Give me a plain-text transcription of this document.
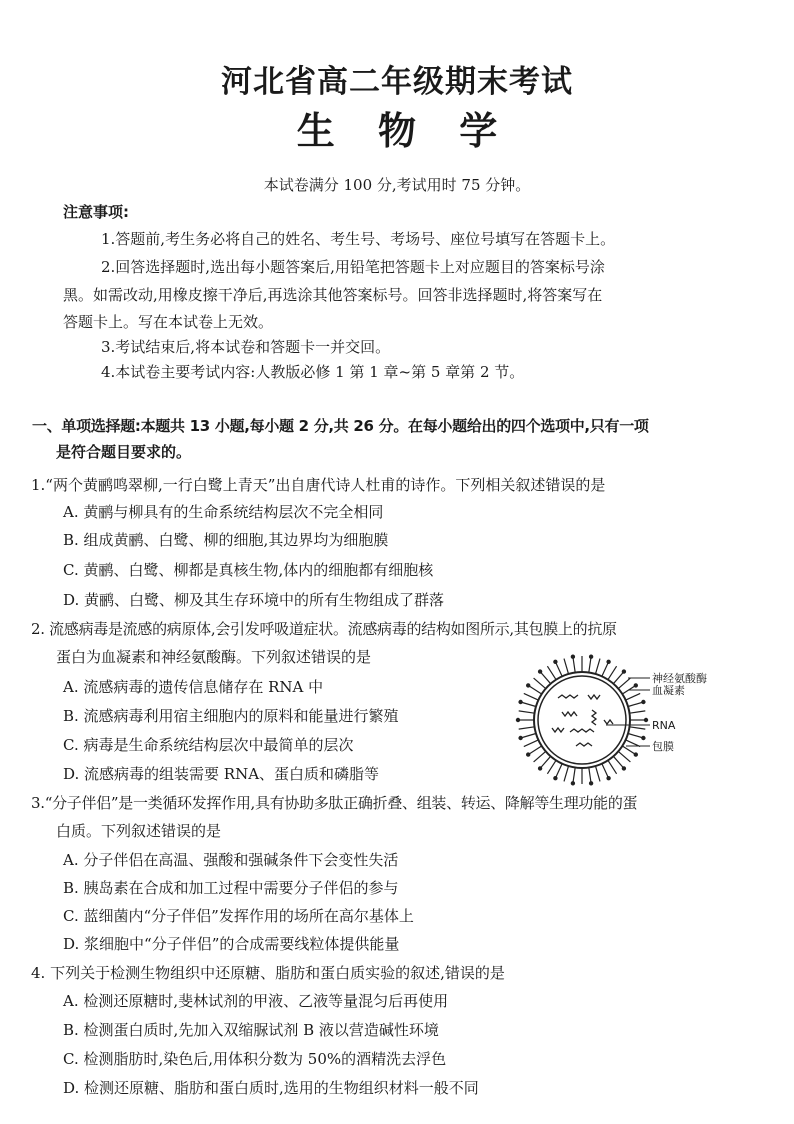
河北省高二年级期末考试
生 物 学
本试卷满分 100 分,考试用时 75 分钟。
注意事项:
1.答题前,考生务必将自己的姓名、考生号、考场号、座位号填写在答题卡上。
2.回答选择题时,选出每小题答案后,用铅笔把答题卡上对应题目的答案标号涂
黑。如需改动,用橡皮擦干净后,再选涂其他答案标号。回答非选择题时,将答案写在
答题卡上。写在本试卷上无效。
3.考试结束后,将本试卷和答题卡一并交回。
4.本试卷主要考试内容:人教版必修 1 第 1 章~第 5 章第 2 节。
一、单项选择题:本题共 13 小题,每小题 2 分,共 26 分。在每小题给出的四个选项中,只有一项
是符合题目要求的。
1.“两个黄鹂鸣翠柳,一行白鹭上青天”出自唐代诗人杜甫的诗作。下列相关叙述错误的是
A. 黄鹂与柳具有的生命系统结构层次不完全相同
B. 组成黄鹂、白鹭、柳的细胞,其边界均为细胞膜
C. 黄鹂、白鹭、柳都是真核生物,体内的细胞都有细胞核
D. 黄鹂、白鹭、柳及其生存环境中的所有生物组成了群落
2. 流感病毒是流感的病原体,会引发呼吸道症状。流感病毒的结构如图所示,其包膜上的抗原
蛋白为血凝素和神经氨酸酶。下列叙述错误的是
A. 流感病毒的遗传信息储存在 RNA 中
B. 流感病毒利用宿主细胞内的原料和能量进行繁殖
C. 病毒是生命系统结构层次中最简单的层次
D. 流感病毒的组装需要 RNA、蛋白质和磷脂等
神经氨酸酶
血凝素
RNA
包膜
3.“分子伴侣”是一类循环发挥作用,具有协助多肽正确折叠、组装、转运、降解等生理功能的蛋
白质。下列叙述错误的是
A. 分子伴侣在高温、强酸和强碱条件下会变性失活
B. 胰岛素在合成和加工过程中需要分子伴侣的参与
C. 蓝细菌内“分子伴侣”发挥作用的场所在高尔基体上
D. 浆细胞中“分子伴侣”的合成需要线粒体提供能量
4. 下列关于检测生物组织中还原糖、脂肪和蛋白质实验的叙述,错误的是
A. 检测还原糖时,斐林试剂的甲液、乙液等量混匀后再使用
B. 检测蛋白质时,先加入双缩脲试剂 B 液以营造碱性环境
C. 检测脂肪时,染色后,用体积分数为 50%的酒精洗去浮色
D. 检测还原糖、脂肪和蛋白质时,选用的生物组织材料一般不同
